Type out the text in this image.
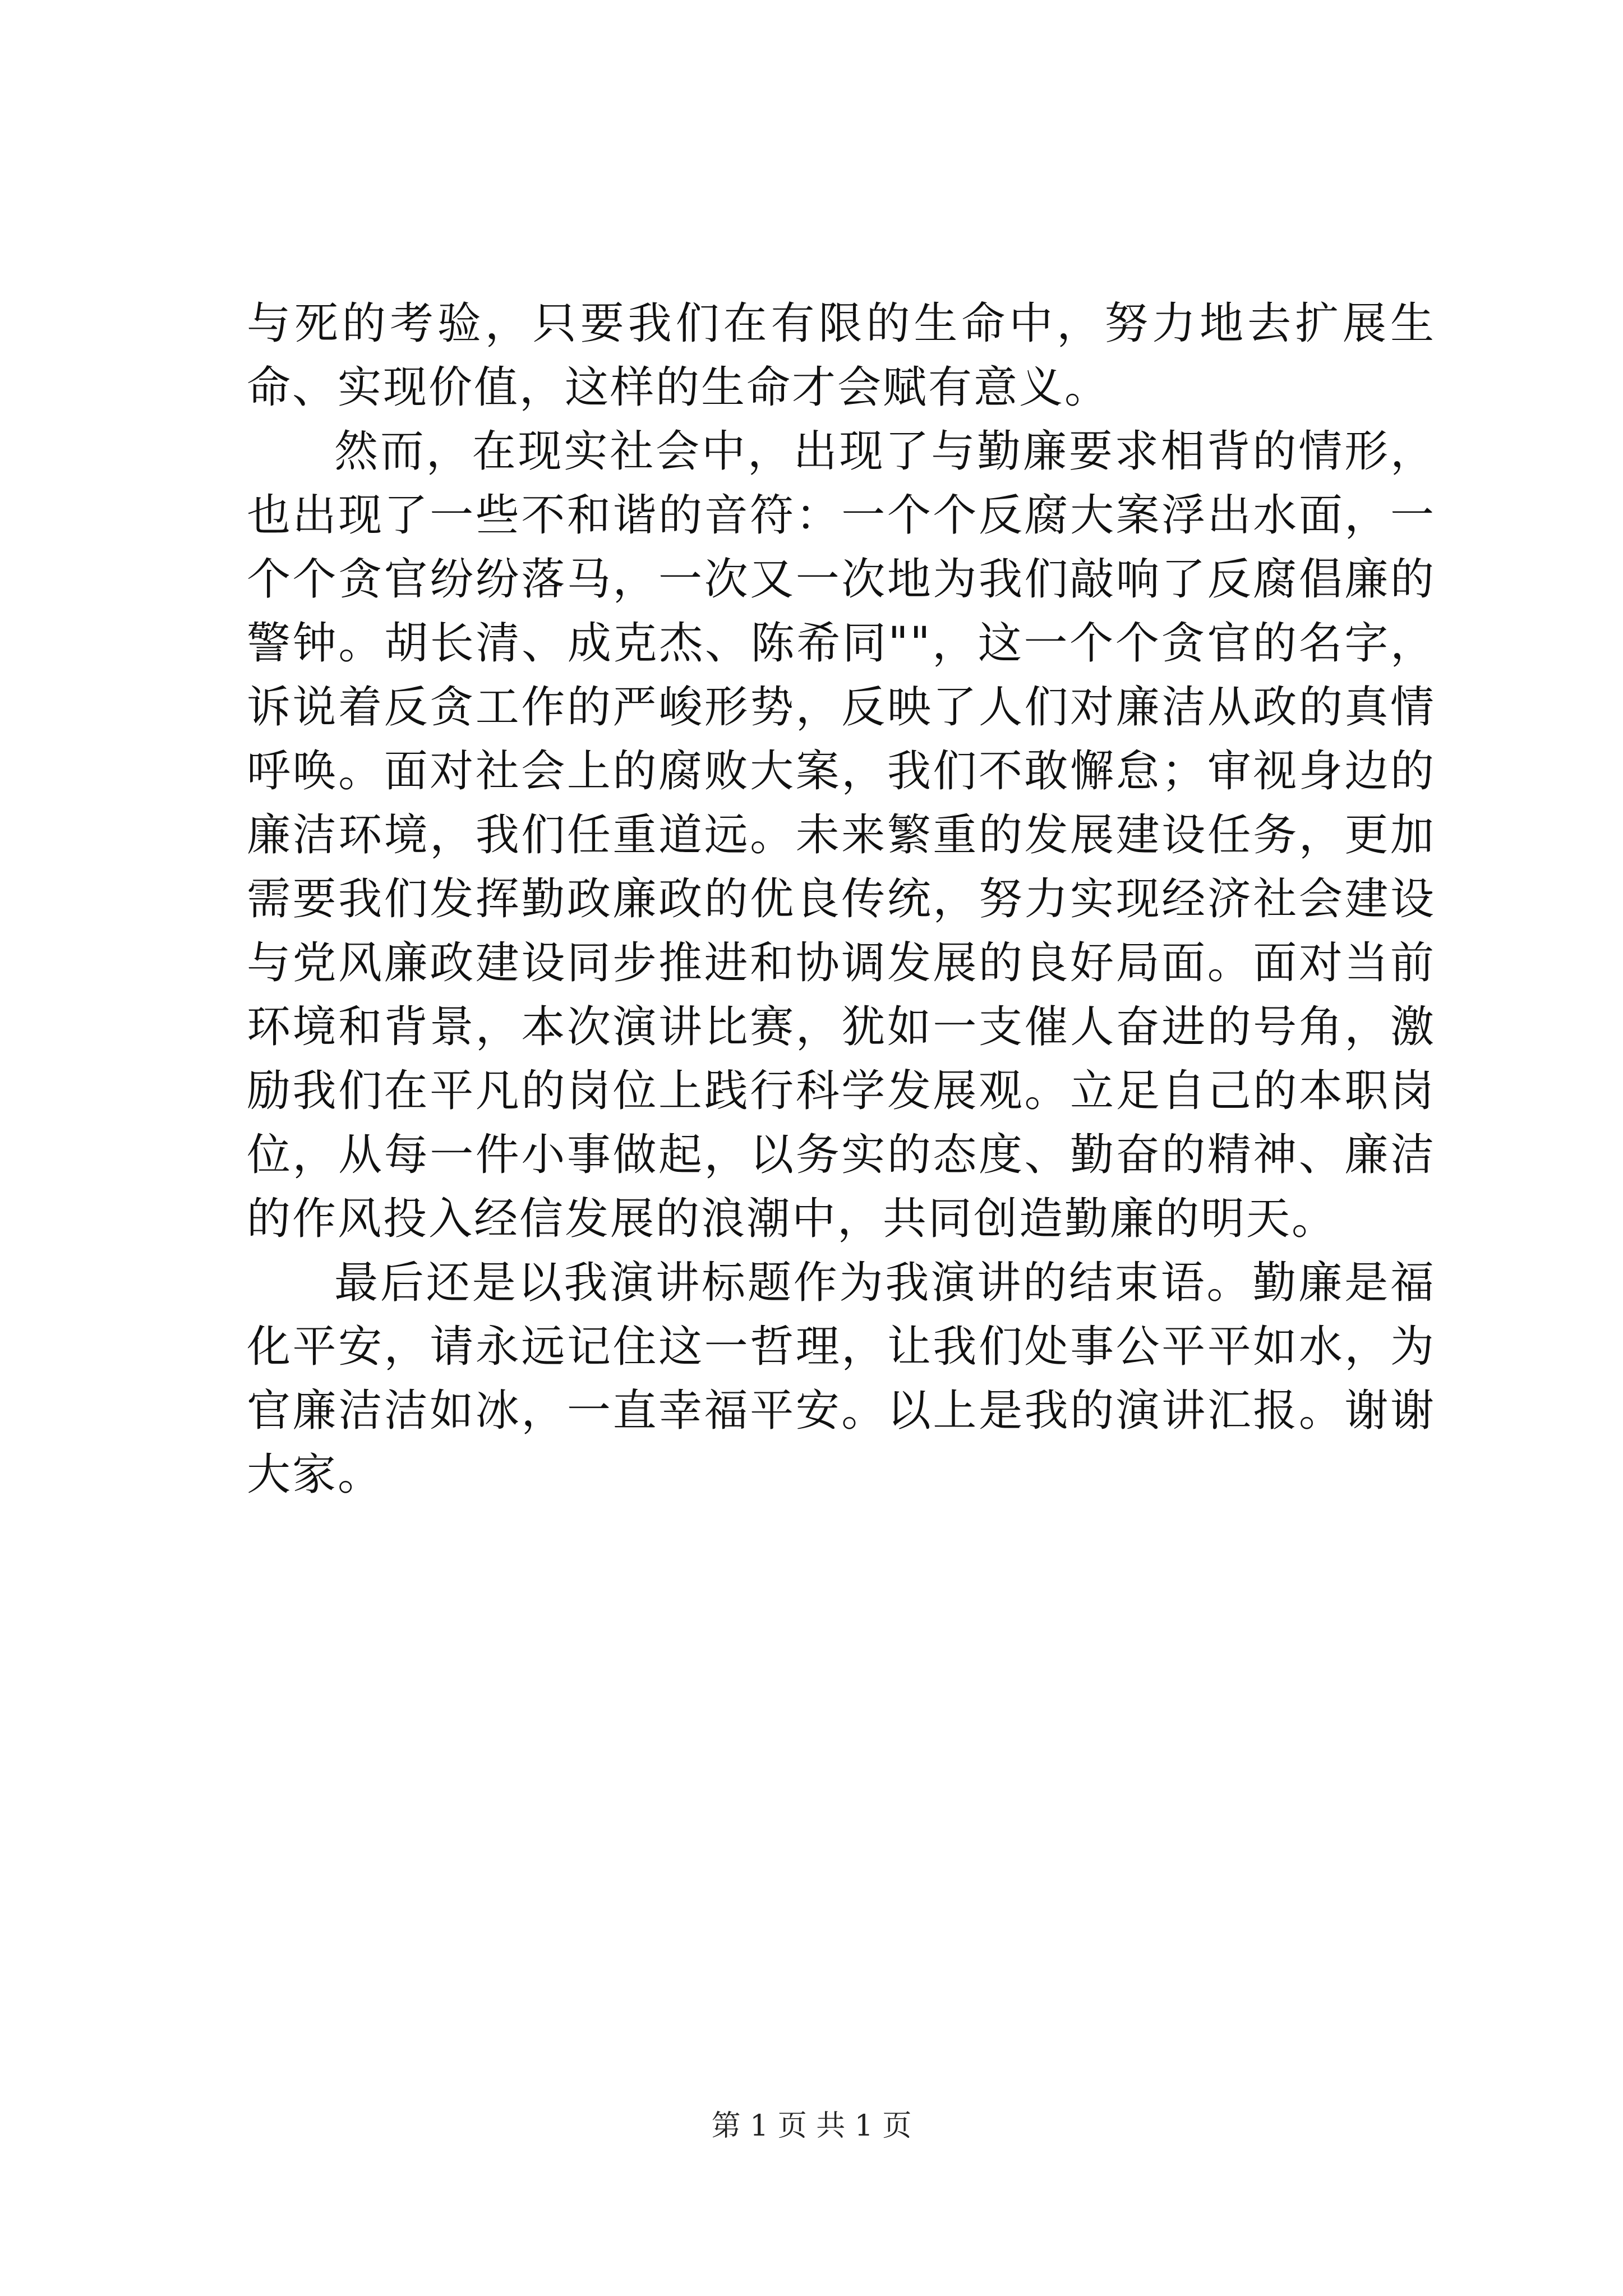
与死的考验，只要我们在有限的生命中，努力地去扩展生命、实现价值，这样的生命才会赋有意义。

然而，在现实社会中，出现了与勤廉要求相背的情形，也出现了一些不和谐的音符：一个个反腐大案浮出水面，一个个贪官纷纷落马，一次又一次地为我们敲响了反腐倡廉的警钟。胡长清、成克杰、陈希同""，这一个个贪官的名字，诉说着反贪工作的严峻形势，反映了人们对廉洁从政的真情呼唤。面对社会上的腐败大案，我们不敢懈怠；审视身边的廉洁环境，我们任重道远。未来繁重的发展建设任务，更加需要我们发挥勤政廉政的优良传统，努力实现经济社会建设与党风廉政建设同步推进和协调发展的良好局面。面对当前环境和背景，本次演讲比赛，犹如一支催人奋进的号角，激励我们在平凡的岗位上践行科学发展观。立足自己的本职岗位，从每一件小事做起，以务实的态度、勤奋的精神、廉洁的作风投入经信发展的浪潮中，共同创造勤廉的明天。

最后还是以我演讲标题作为我演讲的结束语。勤廉是福化平安，请永远记住这一哲理，让我们处事公平平如水，为官廉洁洁如冰，一直幸福平安。以上是我的演讲汇报。谢谢大家。

第 1 页 共 1 页
